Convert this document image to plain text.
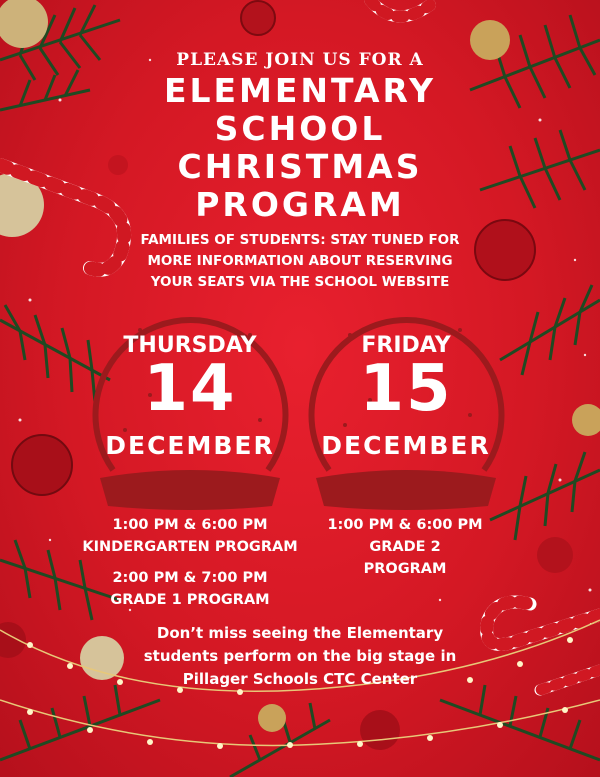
PLEASE JOIN US FOR A
ELEMENTARY
SCHOOL
CHRISTMAS
PROGRAM
FAMILIES OF STUDENTS: STAY TUNED FOR
MORE INFORMATION ABOUT RESERVING
YOUR SEATS VIA THE SCHOOL WEBSITE
THURSDAY
14
DECEMBER
1:00 PM & 6:00 PM
KINDERGARTEN PROGRAM
2:00 PM & 7:00 PM
GRADE 1 PROGRAM
FRIDAY
15
DECEMBER
1:00 PM & 6:00 PM
GRADE 2
PROGRAM
Don’t miss seeing the Elementary
students perform on the big stage in
Pillager Schools CTC Center
